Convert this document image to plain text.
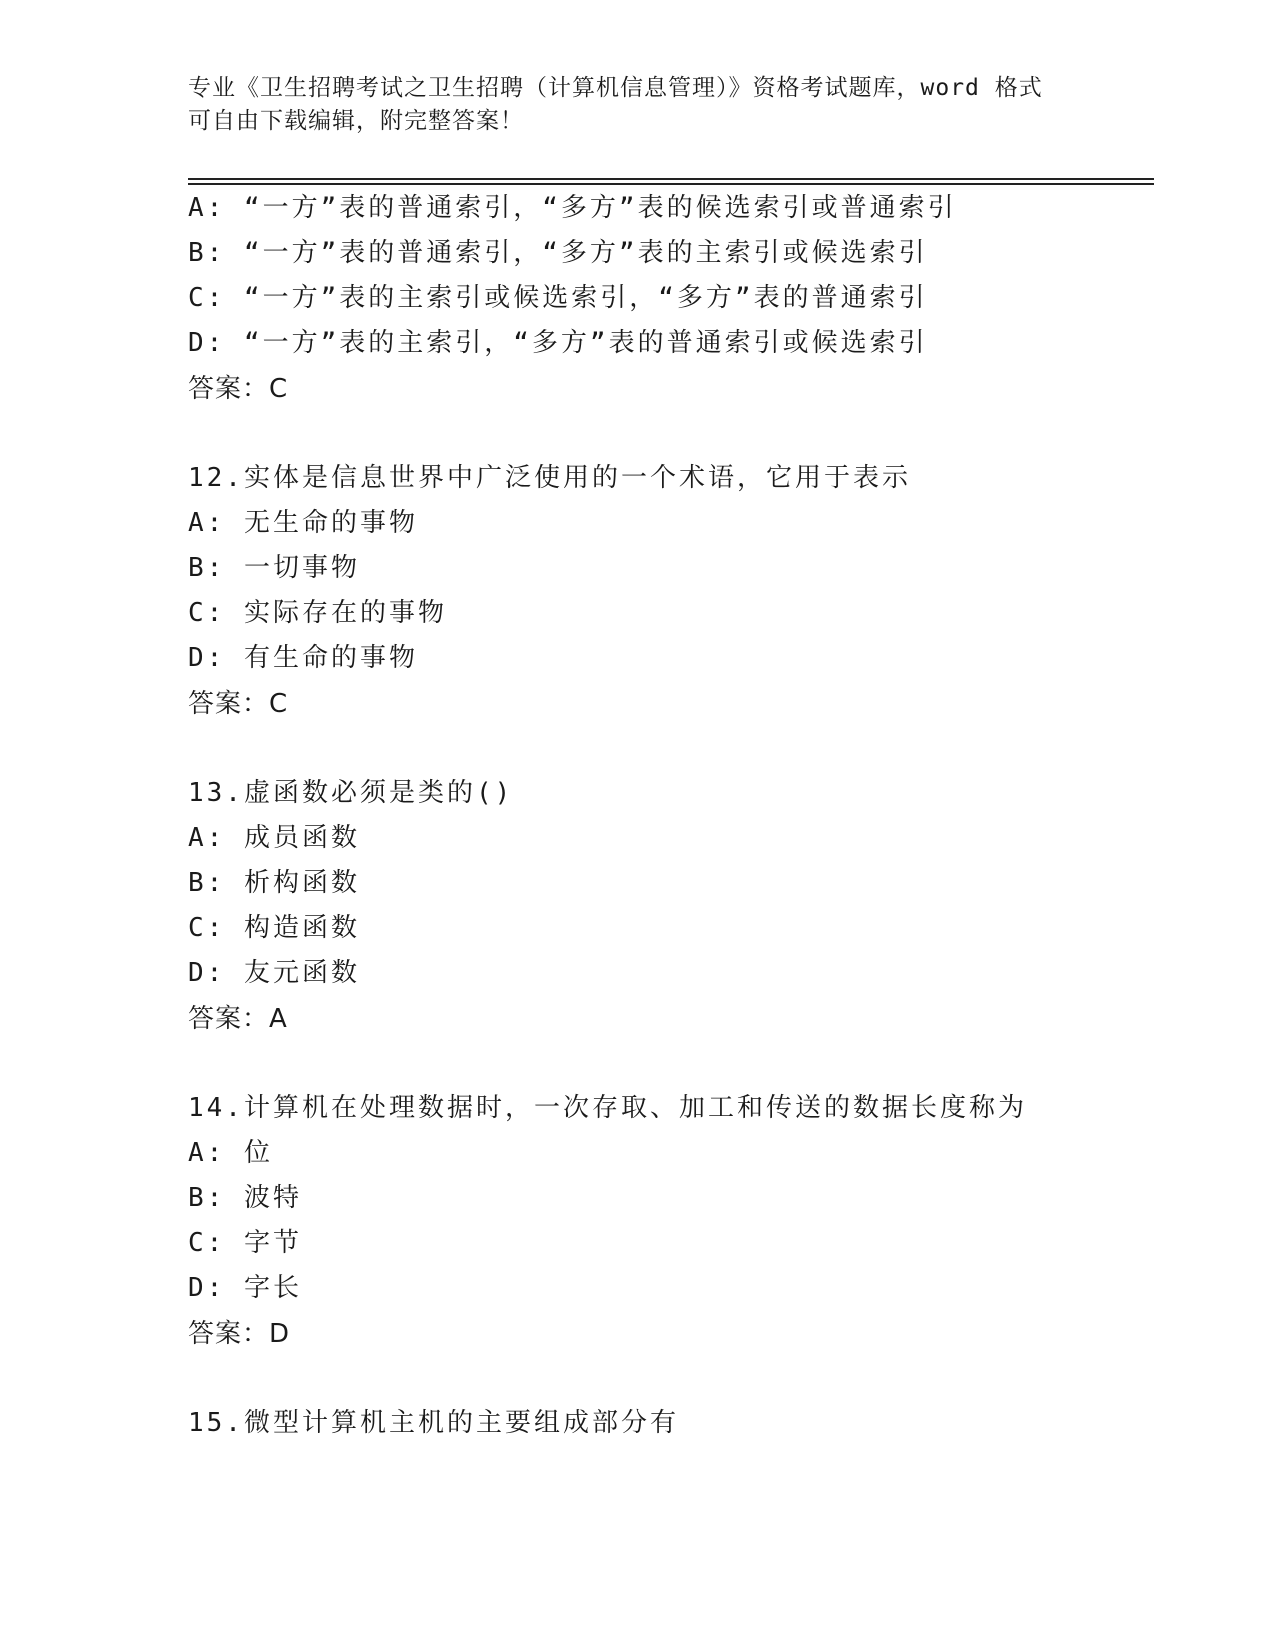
专业《卫生招聘考试之卫生招聘（计算机信息管理）》资格考试题库，word 格式
可自由下载编辑，附完整答案！
A: “一方”表的普通索引，“多方”表的候选索引或普通索引
B: “一方”表的普通索引，“多方”表的主索引或候选索引
C: “一方”表的主索引或候选索引，“多方”表的普通索引
D: “一方”表的主索引，“多方”表的普通索引或候选索引
答案：C
12.实体是信息世界中广泛使用的一个术语，它用于表示
A: 无生命的事物
B: 一切事物
C: 实际存在的事物
D: 有生命的事物
答案：C
13.虚函数必须是类的()
A: 成员函数
B: 析构函数
C: 构造函数
D: 友元函数
答案：A
14.计算机在处理数据时，一次存取、加工和传送的数据长度称为
A: 位
B: 波特
C: 字节
D: 字长
答案：D
15.微型计算机主机的主要组成部分有
